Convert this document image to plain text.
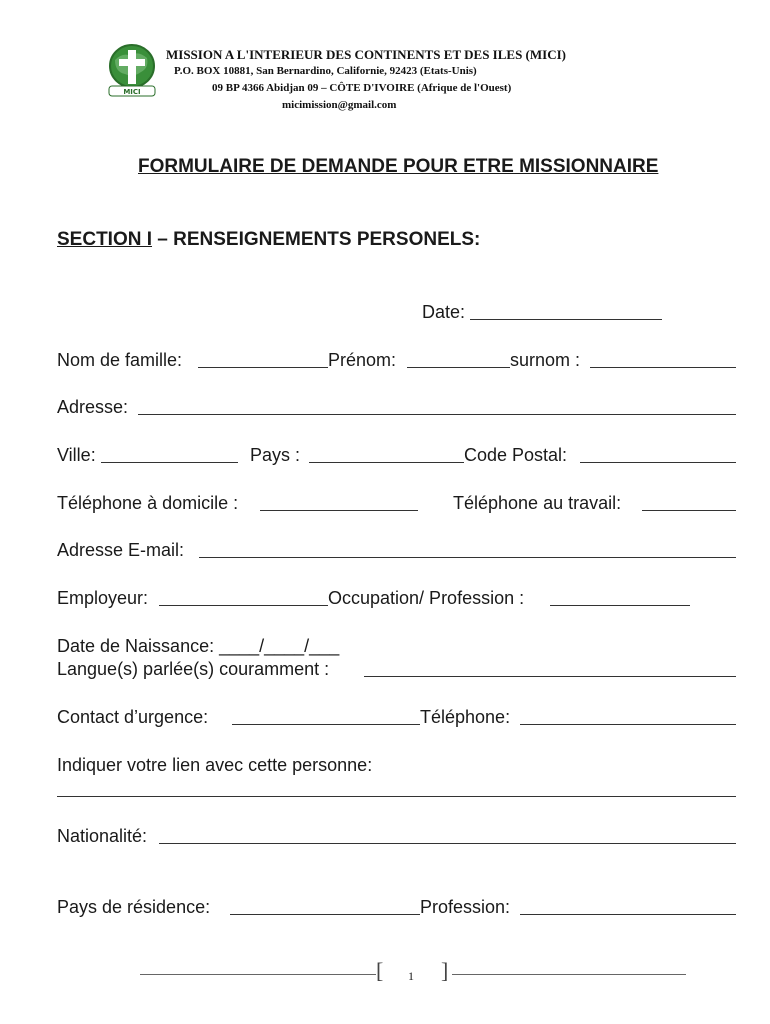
MICI
MISSION A L'INTERIEUR DES CONTINENTS ET DES ILES (MICI)
P.O. BOX 10881, San Bernardino, Californie, 92423 (Etats-Unis)
09 BP 4366 Abidjan 09 – CÔTE D'IVOIRE (Afrique de l'Ouest)
micimission@gmail.com
FORMULAIRE DE DEMANDE POUR ETRE MISSIONNAIRE
SECTION I – RENSEIGNEMENTS PERSONELS:
Date:
Nom de famille:	Prénom:	surnom :
Adresse:
Ville:	Pays :	Code Postal:
Téléphone à domicile :	Téléphone au travail:
Adresse E-mail:
Employeur:	Occupation/ Profession :
Date de Naissance: ____/____/___
Langue(s) parlée(s) couramment :
Contact d’urgence:	Téléphone:
Indiquer votre lien avec cette personne:
Nationalité:
Pays de résidence:	Profession:
[ 1 ]
